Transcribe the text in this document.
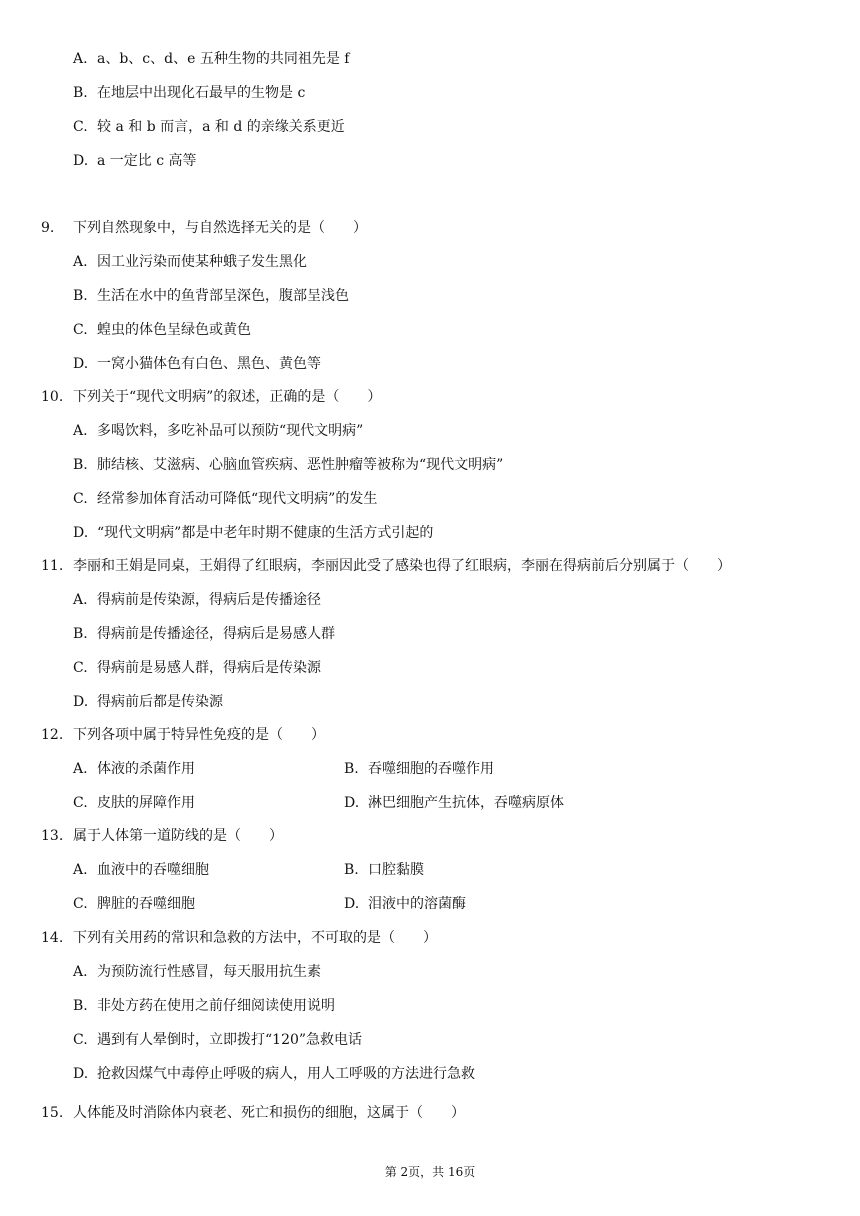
A. a、b、c、d、e 五种生物的共同祖先是 f
B. 在地层中出现化石最早的生物是 c
C. 较 a 和 b 而言，a 和 d 的亲缘关系更近
D. a 一定比 c 高等
9. 下列自然现象中，与自然选择无关的是（　　）
A. 因工业污染而使某种蛾子发生黑化
B. 生活在水中的鱼背部呈深色，腹部呈浅色
C. 蝗虫的体色呈绿色或黄色
D. 一窝小猫体色有白色、黑色、黄色等
10. 下列关于“现代文明病”的叙述，正确的是（　　）
A. 多喝饮料，多吃补品可以预防“现代文明病”
B. 肺结核、艾滋病、心脑血管疾病、恶性肿瘤等被称为“现代文明病”
C. 经常参加体育活动可降低“现代文明病”的发生
D. “现代文明病”都是中老年时期不健康的生活方式引起的
11. 李丽和王娟是同桌，王娟得了红眼病，李丽因此受了感染也得了红眼病，李丽在得病前后分别属于（　　）
A. 得病前是传染源，得病后是传播途径
B. 得病前是传播途径，得病后是易感人群
C. 得病前是易感人群，得病后是传染源
D. 得病前后都是传染源
12. 下列各项中属于特异性免疫的是（　　）
A. 体液的杀菌作用	B. 吞噬细胞的吞噬作用
C. 皮肤的屏障作用	D. 淋巴细胞产生抗体，吞噬病原体
13. 属于人体第一道防线的是（　　）
A. 血液中的吞噬细胞	B. 口腔黏膜
C. 脾脏的吞噬细胞	D. 泪液中的溶菌酶
14. 下列有关用药的常识和急救的方法中，不可取的是（　　）
A. 为预防流行性感冒，每天服用抗生素
B. 非处方药在使用之前仔细阅读使用说明
C. 遇到有人晕倒时，立即拨打“120”急救电话
D. 抢救因煤气中毒停止呼吸的病人，用人工呼吸的方法进行急救
15. 人体能及时消除体内衰老、死亡和损伤的细胞，这属于（　　）
第 2页，共 16页
